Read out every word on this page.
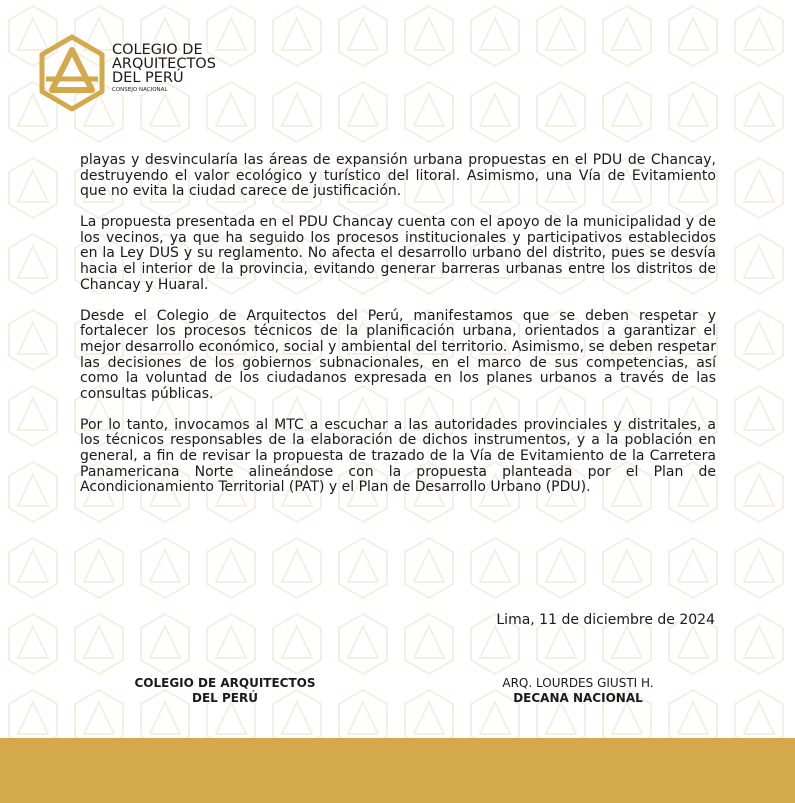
COLEGIO DE
ARQUITECTOS
DEL PERÚ
CONSEJO NACIONAL

playas y desvincularía las áreas de expansión urbana propuestas en el PDU de Chancay, destruyendo el valor ecológico y turístico del litoral. Asimismo, una Vía de Evitamiento que no evita la ciudad carece de justificación.

La propuesta presentada en el PDU Chancay cuenta con el apoyo de la municipalidad y de los vecinos, ya que ha seguido los procesos institucionales y participativos establecidos en la Ley DUS y su reglamento. No afecta el desarrollo urbano del distrito, pues se desvía hacia el interior de la provincia, evitando generar barreras urbanas entre los distritos de Chancay y Huaral.

Desde el Colegio de Arquitectos del Perú, manifestamos que se deben respetar y fortalecer los procesos técnicos de la planificación urbana, orientados a garantizar el mejor desarrollo económico, social y ambiental del territorio. Asimismo, se deben respetar las decisiones de los gobiernos subnacionales, en el marco de sus competencias, así como la voluntad de los ciudadanos expresada en los planes urbanos a través de las consultas públicas.

Por lo tanto, invocamos al MTC a escuchar a las autoridades provinciales y distritales, a los técnicos responsables de la elaboración de dichos instrumentos, y a la población en general, a fin de revisar la propuesta de trazado de la Vía de Evitamiento de la Carretera Panamericana Norte alineándose con la propuesta planteada por el Plan de Acondicionamiento Territorial (PAT) y el Plan de Desarrollo Urbano (PDU).

Lima, 11 de diciembre de 2024
COLEGIO DE ARQUITECTOS
DEL PERÚ
ARQ. LOURDES GIUSTI H.
DECANA NACIONAL
